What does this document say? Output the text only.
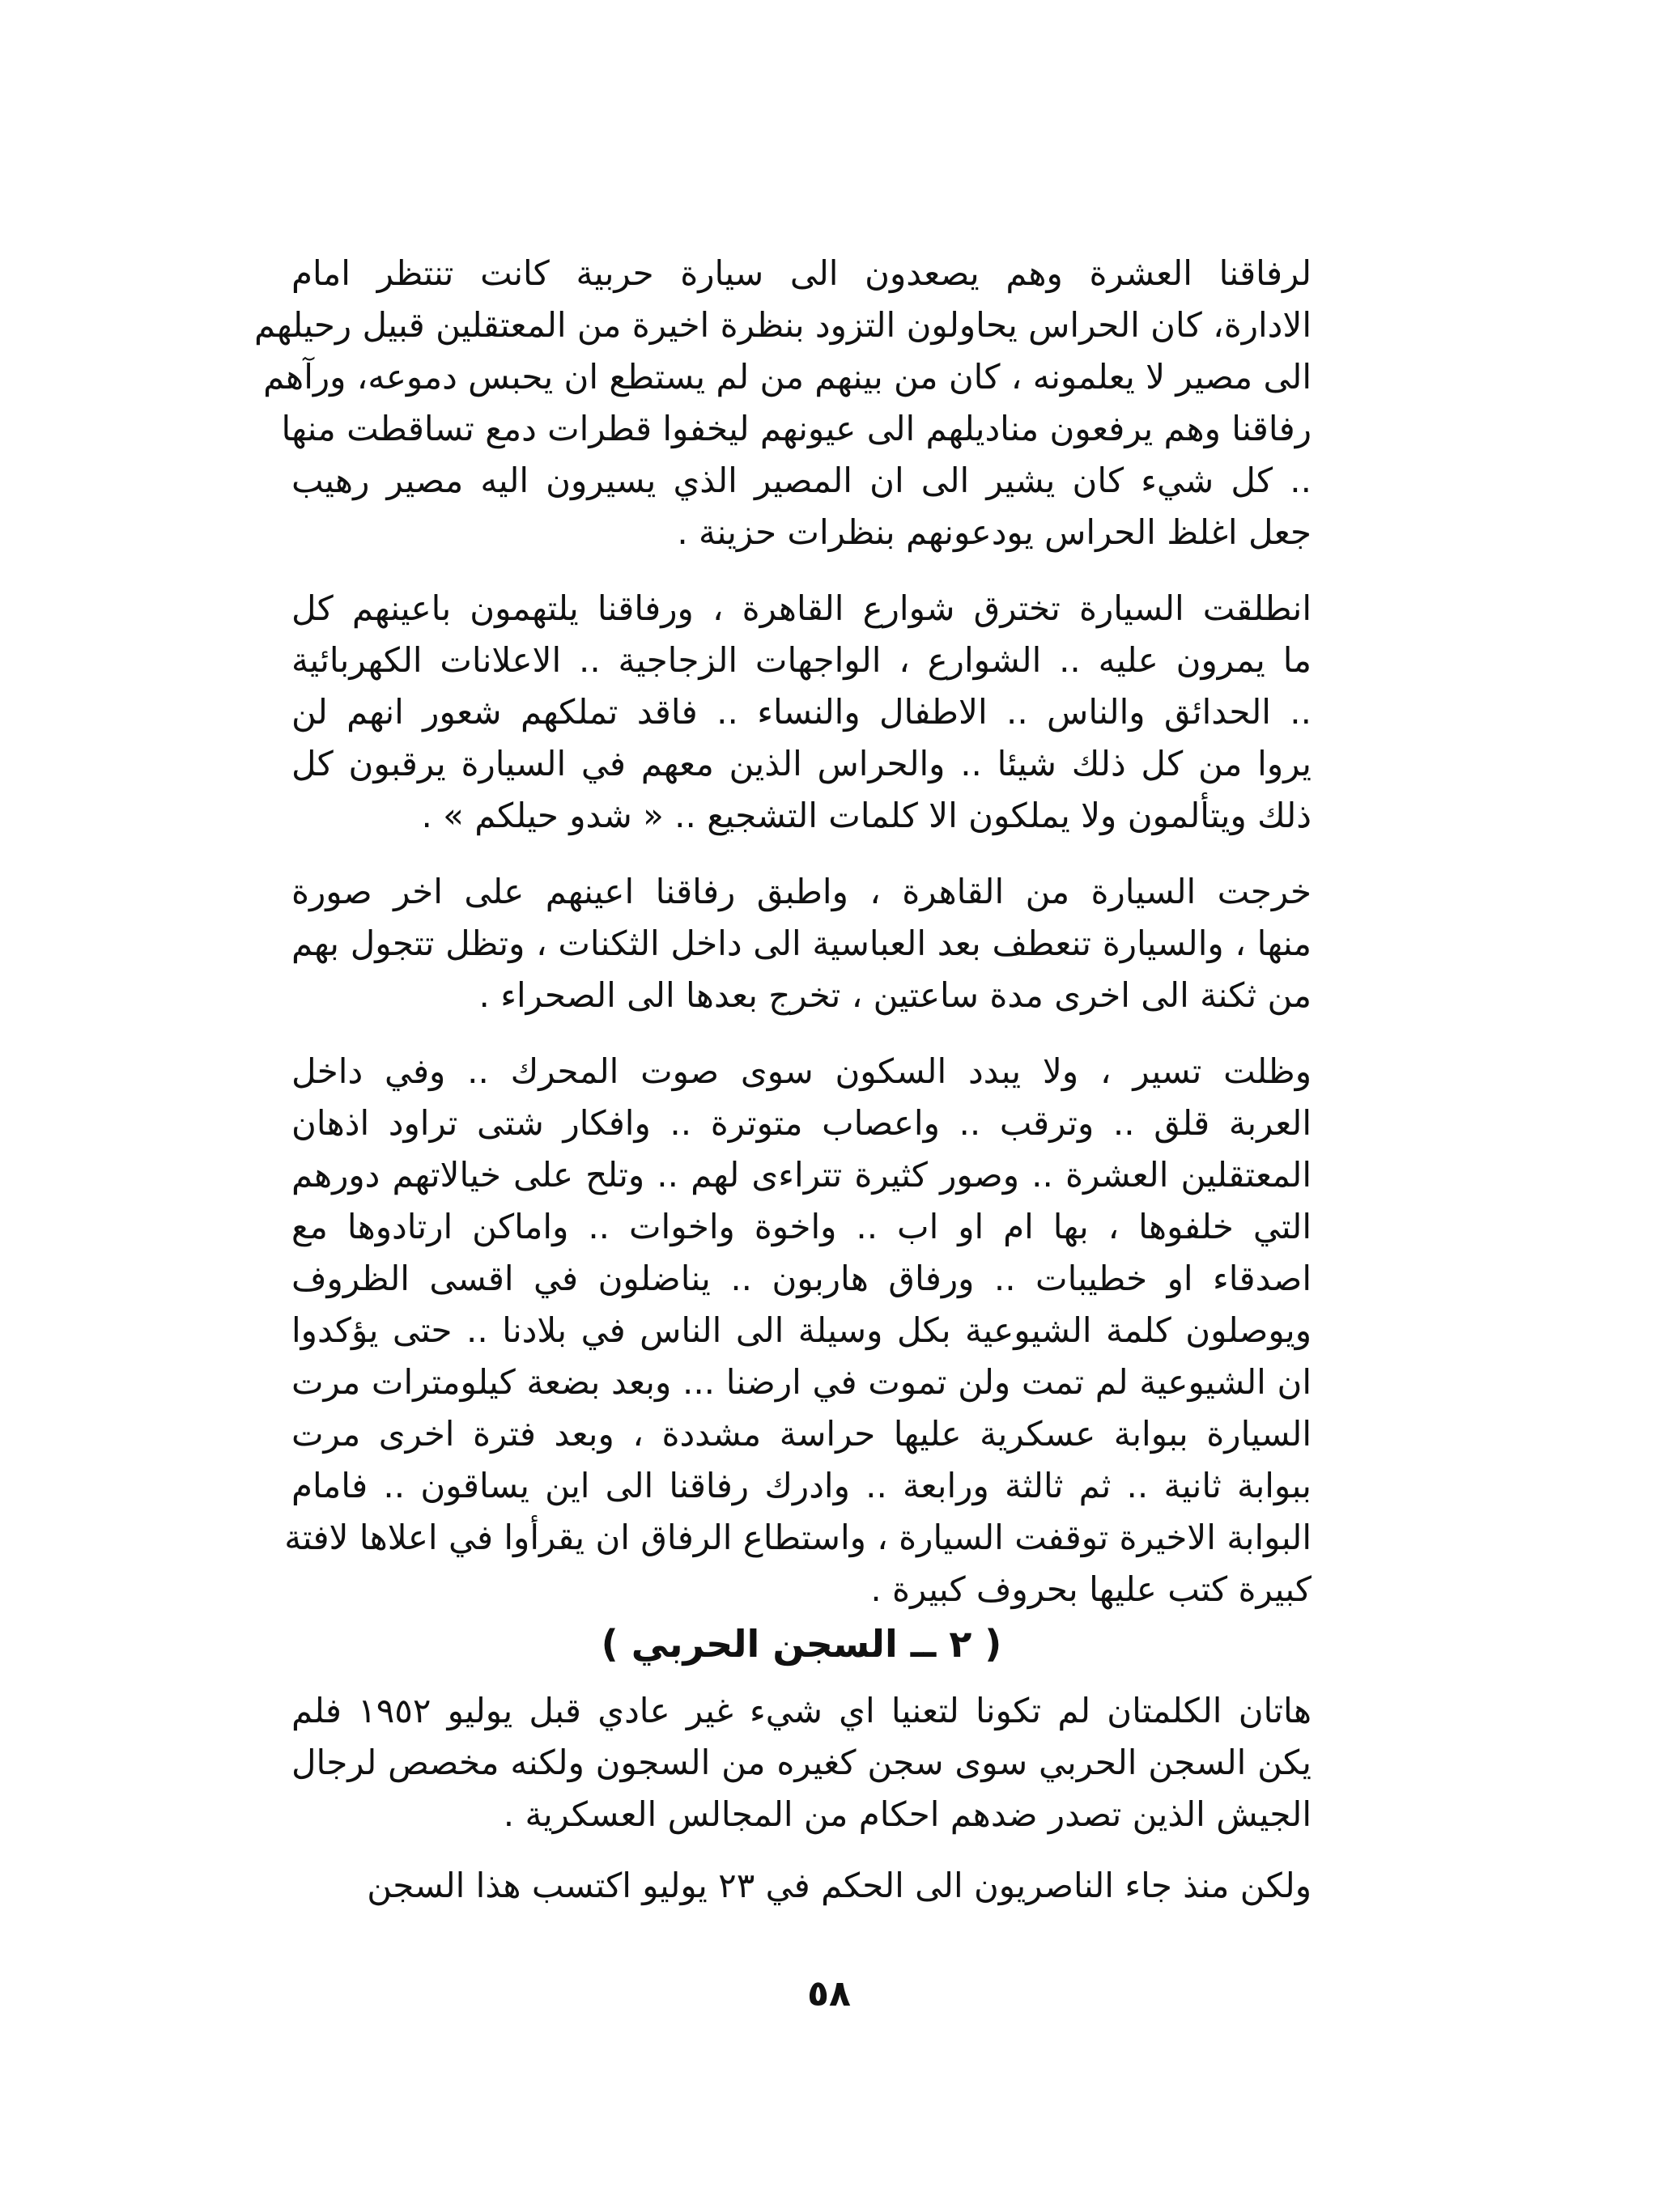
لرفاقنا العشرة وهم يصعدون الى سيارة حربية كانت تنتظر امام
الادارة، كان الحراس يحاولون التزود بنظرة اخيرة من المعتقلين قبيل رحيلهم
الى مصير لا يعلمونه ، كان من بينهم من لم يستطع ان يحبس دموعه، ورآهم
رفاقنا وهم يرفعون مناديلهم الى عيونهم ليخفوا قطرات دمع تساقطت منها
.. كل شيء كان يشير الى ان المصير الذي يسيرون اليه مصير رهيب
جعل اغلظ الحراس يودعونهم بنظرات حزينة .
انطلقت السيارة تخترق شوارع القاهرة ، ورفاقنا يلتهمون باعينهم كل
ما يمرون عليه .. الشوارع ، الواجهات الزجاجية .. الاعلانات الكهربائية
.. الحدائق والناس .. الاطفال والنساء .. فاقد تملكهم شعور انهم لن
يروا من كل ذلك شيئا .. والحراس الذين معهم في السيارة يرقبون كل
ذلك ويتألمون ولا يملكون الا كلمات التشجيع .. « شدو حيلكم » .
خرجت السيارة من القاهرة ، واطبق رفاقنا اعينهم على اخر صورة
منها ، والسيارة تنعطف بعد العباسية الى داخل الثكنات ، وتظل تتجول بهم
من ثكنة الى اخرى مدة ساعتين ، تخرج بعدها الى الصحراء .
وظلت تسير ، ولا يبدد السكون سوى صوت المحرك .. وفي داخل
العربة قلق .. وترقب .. واعصاب متوترة .. وافكار شتى تراود اذهان
المعتقلين العشرة .. وصور كثيرة تتراءى لهم .. وتلح على خيالاتهم دورهم
التي خلفوها ، بها ام او اب .. واخوة واخوات .. واماكن ارتادوها مع
اصدقاء او خطيبات .. ورفاق هاربون .. يناضلون في اقسى الظروف
ويوصلون كلمة الشيوعية بكل وسيلة الى الناس في بلادنا .. حتى يؤكدوا
ان الشيوعية لم تمت ولن تموت في ارضنا ... وبعد بضعة كيلومترات مرت
السيارة ببوابة عسكرية عليها حراسة مشددة ، وبعد فترة اخرى مرت
ببوابة ثانية .. ثم ثالثة ورابعة .. وادرك رفاقنا الى اين يساقون .. فامام
البوابة الاخيرة توقفت السيارة ، واستطاع الرفاق ان يقرأوا في اعلاها لافتة
كبيرة كتب عليها بحروف كبيرة .
( ٢ ــ السجن الحربي )
هاتان الكلمتان لم تكونا لتعنيا اي شيء غير عادي قبل يوليو ١٩٥٢ فلم
يكن السجن الحربي سوى سجن كغيره من السجون ولكنه مخصص لرجال
الجيش الذين تصدر ضدهم احكام من المجالس العسكرية .
ولكن منذ جاء الناصريون الى الحكم في ٢٣ يوليو اكتسب هذا السجن
٥٨
